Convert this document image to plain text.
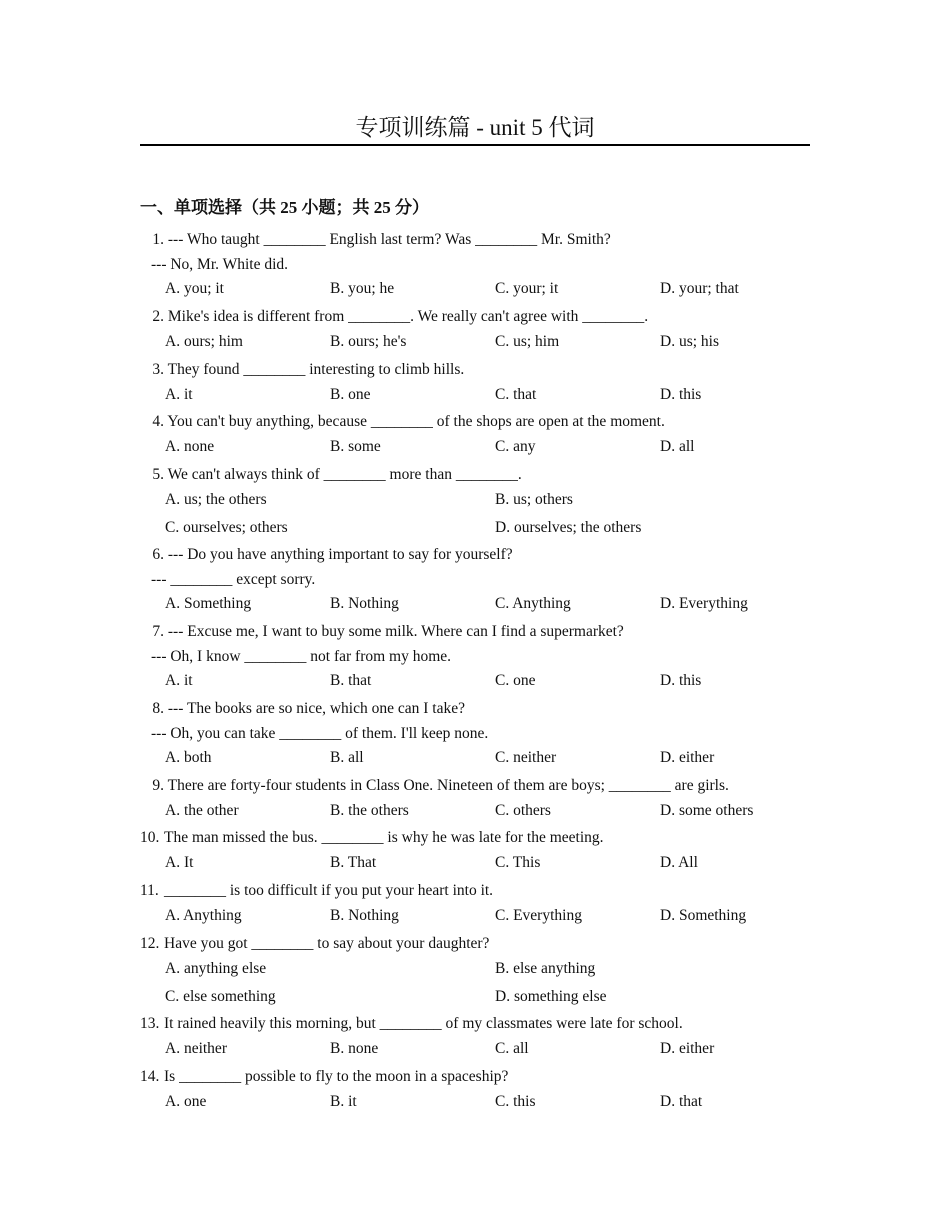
专项训练篇 - unit 5 代词
一、单项选择（共 25 小题；共 25 分）
1. --- Who taught ________ English last term? Was ________ Mr. Smith?
--- No, Mr. White did.
A. you; it	B. you; he	C. your; it	D. your; that
2. Mike's idea is different from ________. We really can't agree with ________.
A. ours; him	B. ours; he's	C. us; him	D. us; his
3. They found ________ interesting to climb hills.
A. it	B. one	C. that	D. this
4. You can't buy anything, because ________ of the shops are open at the moment.
A. none	B. some	C. any	D. all
5. We can't always think of ________ more than ________.
A. us; the others	B. us; others
C. ourselves; others	D. ourselves; the others
6. --- Do you have anything important to say for yourself?
--- ________ except sorry.
A. Something	B. Nothing	C. Anything	D. Everything
7. --- Excuse me, I want to buy some milk. Where can I find a supermarket?
--- Oh, I know ________ not far from my home.
A. it	B. that	C. one	D. this
8. --- The books are so nice, which one can I take?
--- Oh, you can take ________ of them. I'll keep none.
A. both	B. all	C. neither	D. either
9. There are forty-four students in Class One. Nineteen of them are boys; ________ are girls.
A. the other	B. the others	C. others	D. some others
10. The man missed the bus. ________ is why he was late for the meeting.
A. It	B. That	C. This	D. All
11. ________ is too difficult if you put your heart into it.
A. Anything	B. Nothing	C. Everything	D. Something
12. Have you got ________ to say about your daughter?
A. anything else	B. else anything
C. else something	D. something else
13. It rained heavily this morning, but ________ of my classmates were late for school.
A. neither	B. none	C. all	D. either
14. Is ________ possible to fly to the moon in a spaceship?
A. one	B. it	C. this	D. that
